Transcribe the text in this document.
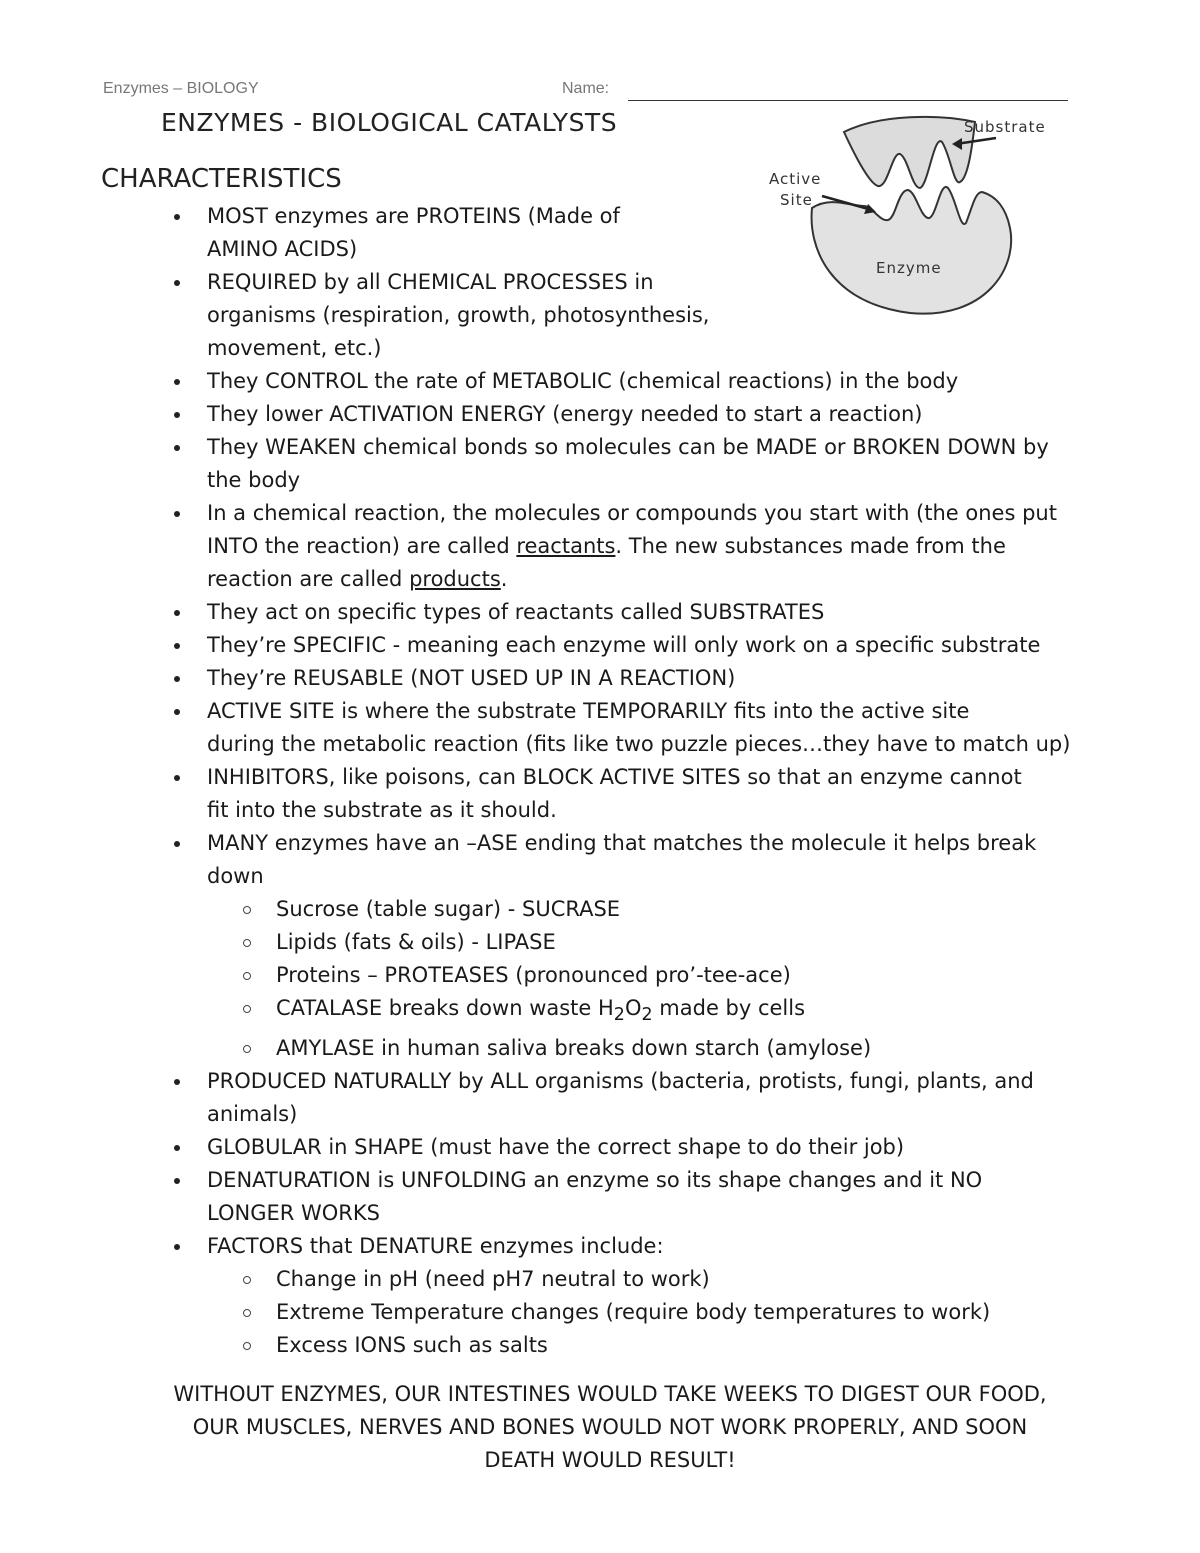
Enzymes – BIOLOGY	Name:
ENZYMES - BIOLOGICAL CATALYSTS
CHARACTERISTICS
Substrate
Active
Site
Enzyme
MOST enzymes are PROTEINS (Made of
AMINO ACIDS)
REQUIRED by all CHEMICAL PROCESSES in
organisms (respiration, growth, photosynthesis,
movement, etc.)
They CONTROL the rate of METABOLIC (chemical reactions) in the body
They lower ACTIVATION ENERGY (energy needed to start a reaction)
They WEAKEN chemical bonds so molecules can be MADE or BROKEN DOWN by
the body
In a chemical reaction, the molecules or compounds you start with (the ones put
INTO the reaction) are called reactants. The new substances made from the
reaction are called products.
They act on specific types of reactants called SUBSTRATES
They’re SPECIFIC - meaning each enzyme will only work on a specific substrate
They’re REUSABLE (NOT USED UP IN A REACTION)
ACTIVE SITE is where the substrate TEMPORARILY fits into the active site
during the metabolic reaction (fits like two puzzle pieces…they have to match up)
INHIBITORS, like poisons, can BLOCK ACTIVE SITES so that an enzyme cannot
fit into the substrate as it should.
MANY enzymes have an –ASE ending that matches the molecule it helps break
down
Sucrose (table sugar) - SUCRASE
Lipids (fats & oils) - LIPASE
Proteins – PROTEASES (pronounced pro’-tee-ace)
CATALASE breaks down waste $H_2O_2$ made by cells
AMYLASE in human saliva breaks down starch (amylose)
PRODUCED NATURALLY by ALL organisms (bacteria, protists, fungi, plants, and
animals)
GLOBULAR in SHAPE (must have the correct shape to do their job)
DENATURATION is UNFOLDING an enzyme so its shape changes and it NO
LONGER WORKS
FACTORS that DENATURE enzymes include:
Change in pH (need pH7 neutral to work)
Extreme Temperature changes (require body temperatures to work)
Excess IONS such as salts
WITHOUT ENZYMES, OUR INTESTINES WOULD TAKE WEEKS TO DIGEST OUR FOOD,
OUR MUSCLES, NERVES AND BONES WOULD NOT WORK PROPERLY, AND SOON
DEATH WOULD RESULT!
